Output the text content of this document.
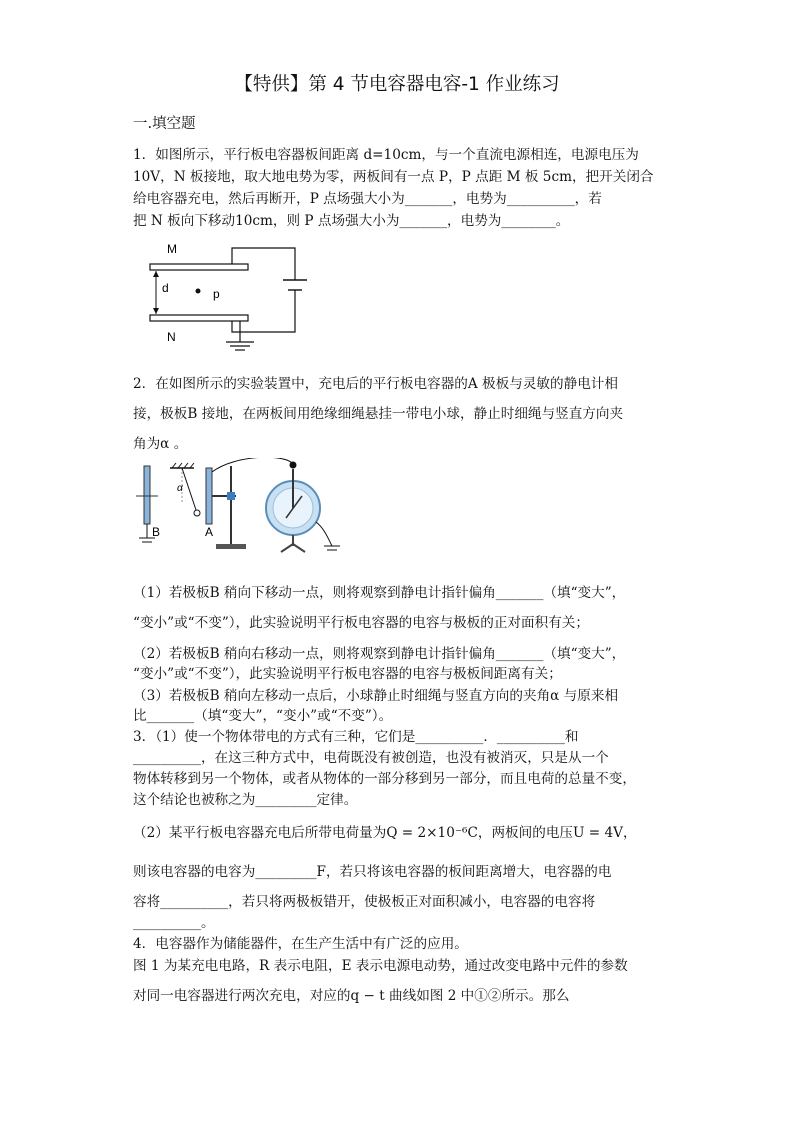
【特供】第 4 节电容器电容-1 作业练习
一.填空题
1．如图所示，平行板电容器板间距离 d=10cm，与一个直流电源相连，电源电压为
10V，N 板接地，取大地电势为零，两板间有一点 P，P 点距 M 板 5cm，把开关闭合
给电容器充电，然后再断开，P 点场强大小为_______，电势为__________，若
把 N 板向下移动10cm，则 P 点场强大小为_______，电势为________。
M
d	p
N
2．在如图所示的实验装置中，充电后的平行板电容器的A 极板与灵敏的静电计相
接，极板B 接地，在两板间用绝缘细绳悬挂一带电小球，静止时细绳与竖直方向夹
角为α 。
B
α
A
（1）若极板B 稍向下移动一点，则将观察到静电计指针偏角_______（填“变大”，
“变小”或“不变”），此实验说明平行板电容器的电容与极板的正对面积有关；
（2）若极板B 稍向右移动一点，则将观察到静电计指针偏角_______（填“变大”，
“变小”或“不变”），此实验说明平行板电容器的电容与极板间距离有关；
（3）若极板B 稍向左移动一点后，小球静止时细绳与竖直方向的夹角α 与原来相
比_______（填“变大”，“变小”或“不变”）。
3．（1）使一个物体带电的方式有三种，它们是__________．__________和
__________，在这三种方式中，电荷既没有被创造，也没有被消灭，只是从一个
物体转移到另一个物体，或者从物体的一部分移到另一部分，而且电荷的总量不变，
这个结论也被称之为_________定律。
（2）某平行板电容器充电后所带电荷量为Q = 2×10⁻⁶C，两板间的电压U = 4V，
则该电容器的电容为_________F，若只将该电容器的板间距离增大，电容器的电
容将__________，若只将两极板错开，使极板正对面积减小，电容器的电容将
__________。
4．电容器作为储能器件，在生产生活中有广泛的应用。
图 1 为某充电电路，R 表示电阻，E 表示电源电动势，通过改变电路中元件的参数
对同一电容器进行两次充电，对应的q − t 曲线如图 2 中①②所示。那么
